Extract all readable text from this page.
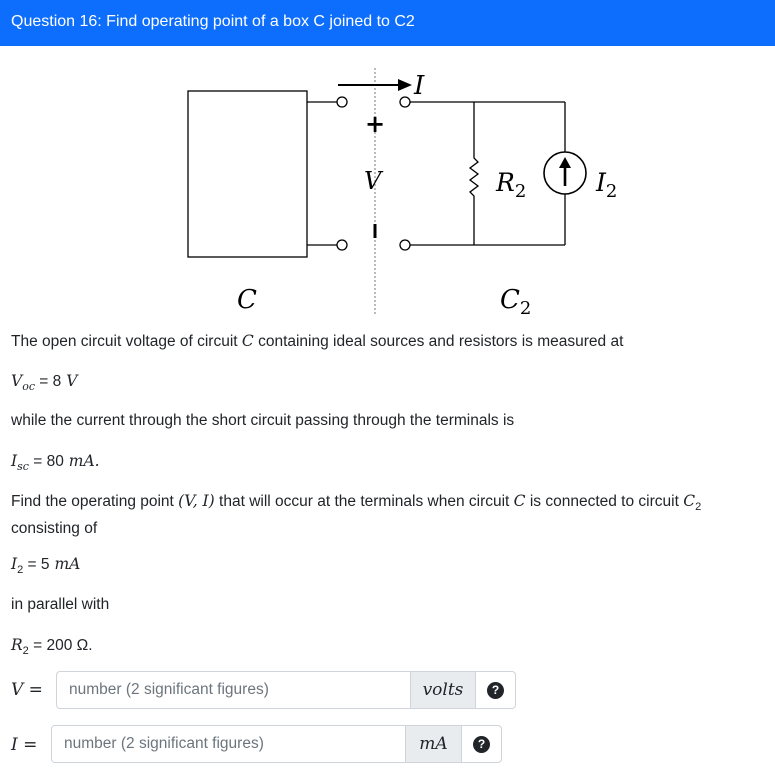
Question 16: Find operating point of a box C joined to C2
I
+
V	$R_2$	$I_2$
C	$C_2$
The open circuit voltage of circuit C containing ideal sources and resistors is measured at
$V_{oc} = 8$ V
while the current through the short circuit passing through the terminals is
$I_{sc} = 80$ mA.
Find the operating point (V, I) that will occur at the terminals when circuit C is connected to circuit $C_2$
consisting of
$I_2 = 5$ mA
in parallel with
$R_2 = 200$ Ω.
V =
number (2 significant figures)	volts	?
I =
number (2 significant figures)	mA	?
